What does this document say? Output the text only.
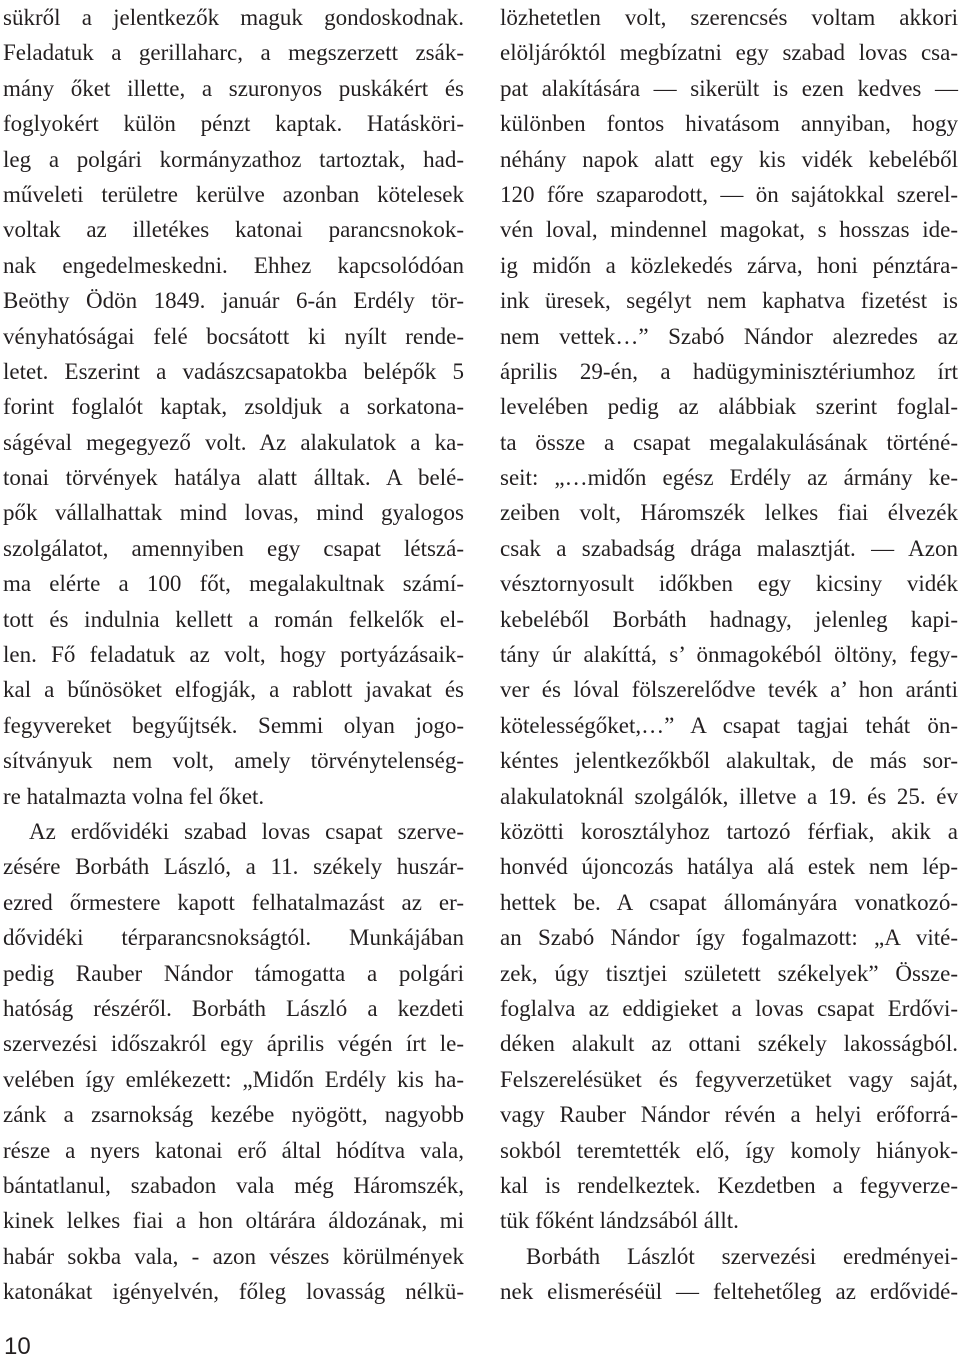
sükről a jelentkezők maguk gondoskodnak.
Feladatuk a gerillaharc, a megszerzett zsák-
mány őket illette, a szuronyos puskákért és
foglyokért külön pénzt kaptak. Hatásköri-
leg a polgári kormányzathoz tartoztak, had-
műveleti területre kerülve azonban kötelesek
voltak az illetékes katonai parancsnokok-
nak engedelmeskedni. Ehhez kapcsolódóan
Beöthy Ödön 1849. január 6-án Erdély tör-
vényhatóságai felé bocsátott ki nyílt rende-
letet. Eszerint a vadászcsapatokba belépők 5
forint foglalót kaptak, zsoldjuk a sorkatona-
ságéval megegyező volt. Az alakulatok a ka-
tonai törvények hatálya alatt álltak. A belé-
pők vállalhattak mind lovas, mind gyalogos
szolgálatot, amennyiben egy csapat létszá-
ma elérte a 100 főt, megalakultnak számí-
tott és indulnia kellett a román felkelők el-
len. Fő feladatuk az volt, hogy portyázásaik-
kal a bűnösöket elfogják, a rablott javakat és
fegyvereket begyűjtsék. Semmi olyan jogo-
sítványuk nem volt, amely törvénytelenség-
re hatalmazta volna fel őket.
Az erdővidéki szabad lovas csapat szerve-
zésére Borbáth László, a 11. székely huszár-
ezred őrmestere kapott felhatalmazást az er-
dővidéki térparancsnokságtól. Munkájában
pedig Rauber Nándor támogatta a polgári
hatóság részéről. Borbáth László a kezdeti
szervezési időszakról egy április végén írt le-
velében így emlékezett: „Midőn Erdély kis ha-
zánk a zsarnokság kezébe nyögött, nagyobb
része a nyers katonai erő által hódítva vala,
bántatlanul, szabadon vala még Háromszék,
kinek lelkes fiai a hon oltárára áldozának, mi
habár sokba vala, - azon vészes körülmények
katonákat igényelvén, főleg lovasság nélkü-
lözhetetlen volt, szerencsés voltam akkori
elöljáróktól megbízatni egy szabad lovas csa-
pat alakítására — sikerült is ezen kedves —
különben fontos hivatásom annyiban, hogy
néhány napok alatt egy kis vidék kebeléből
120 főre szaparodott, — ön sajátokkal szerel-
vén loval, mindennel magokat, s hosszas ide-
ig midőn a közlekedés zárva, honi pénztára-
ink üresek, segélyt nem kaphatva fizetést is
nem vettek…” Szabó Nándor alezredes az
április 29-én, a hadügyminisztériumhoz írt
levelében pedig az alábbiak szerint foglal-
ta össze a csapat megalakulásának történé-
seit: „…midőn egész Erdély az ármány ke-
zeiben volt, Háromszék lelkes fiai élvezék
csak a szabadság drága malasztját. — Azon
vésztornyosult időkben egy kicsiny vidék
kebeléből Borbáth hadnagy, jelenleg kapi-
tány úr alakíttá, s’ önmagokéból öltöny, fegy-
ver és lóval fölszerelődve tevék a’ hon aránti
kötelességőket,…” A csapat tagjai tehát ön-
kéntes jelentkezőkből alakultak, de más sor-
alakulatoknál szolgálók, illetve a 19. és 25. év
közötti korosztályhoz tartozó férfiak, akik a
honvéd újoncozás hatálya alá estek nem lép-
hettek be. A csapat állományára vonatkozó-
an Szabó Nándor így fogalmazott: „A vité-
zek, úgy tisztjei született székelyek” Össze-
foglalva az eddigieket a lovas csapat Erdővi-
déken alakult az ottani székely lakosságból.
Felszerelésüket és fegyverzetüket vagy saját,
vagy Rauber Nándor révén a helyi erőforrá-
sokból teremtették elő, így komoly hiányok-
kal is rendelkeztek. Kezdetben a fegyverze-
tük főként lándzsából állt.
Borbáth Lászlót szervezési eredményei-
nek elismeréséül — feltehetőleg az erdővidé-
10
